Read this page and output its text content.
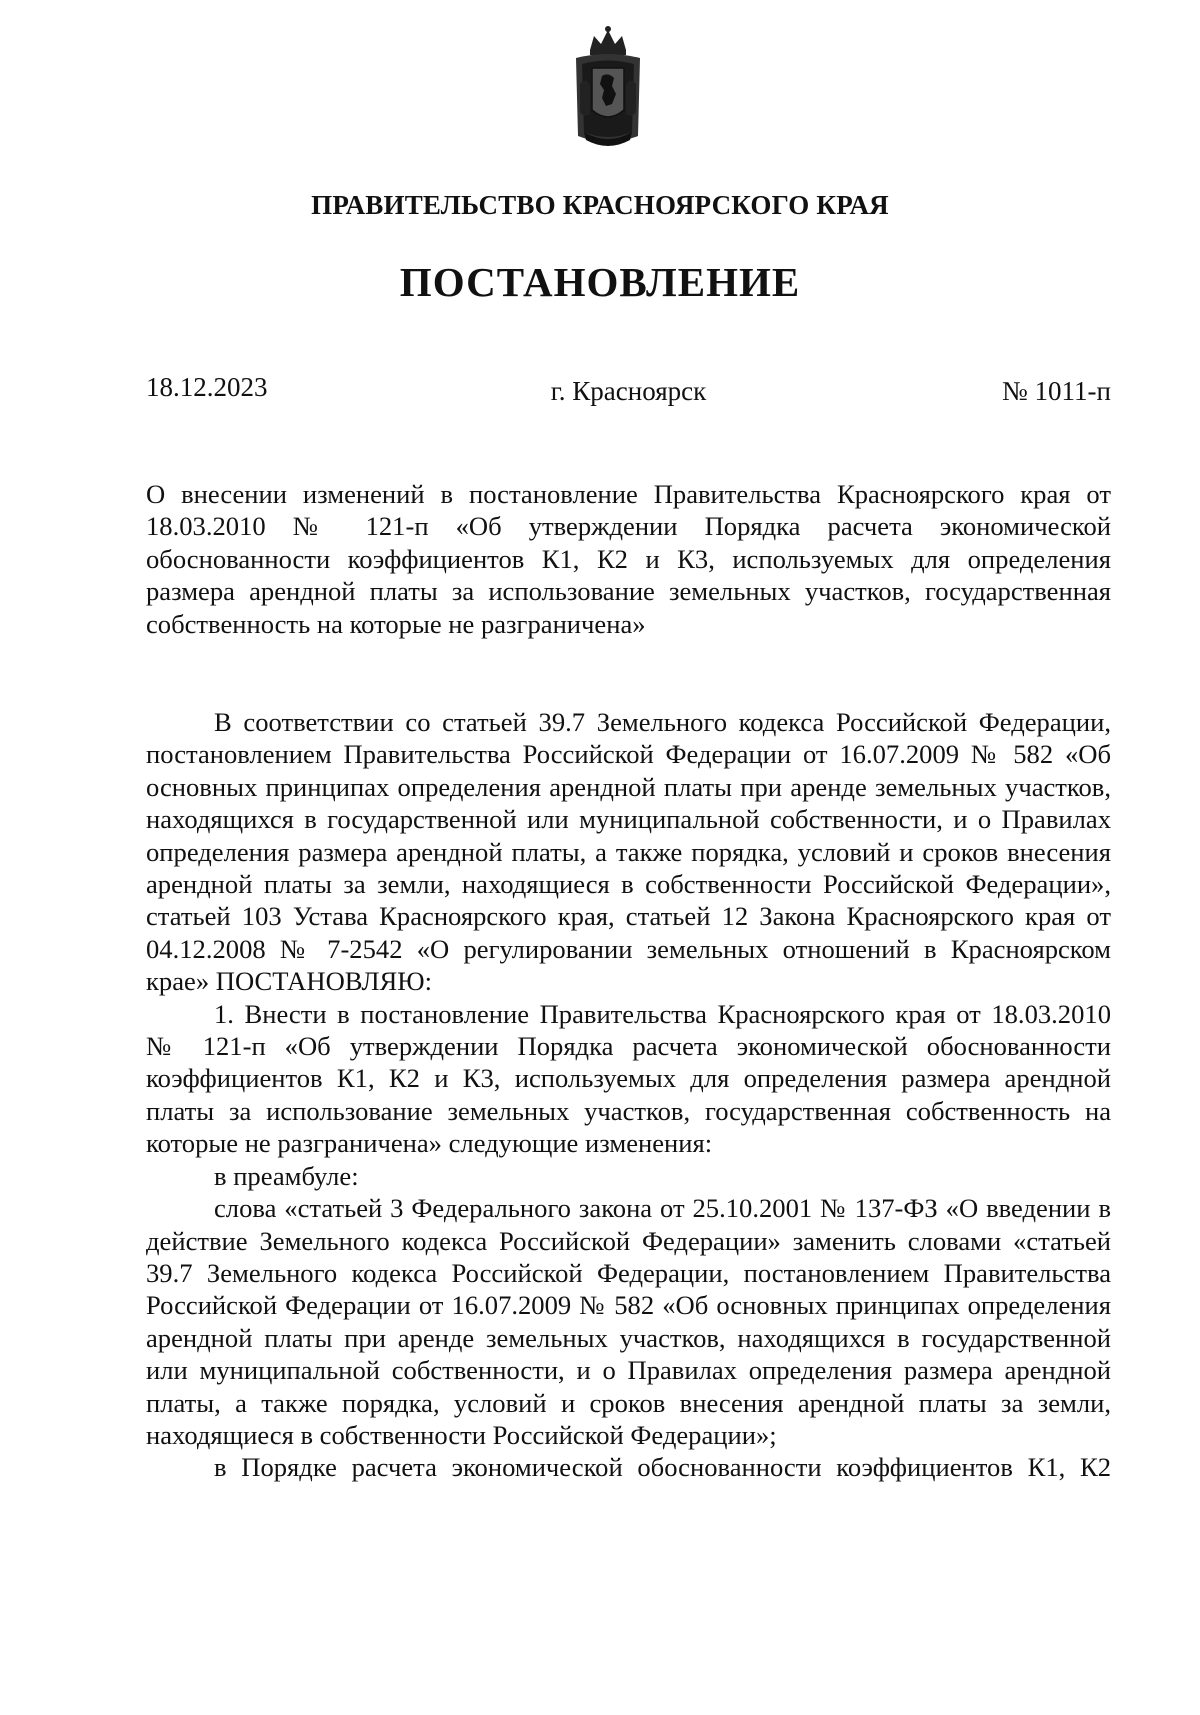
ПРАВИТЕЛЬСТВО КРАСНОЯРСКОГО КРАЯ
ПОСТАНОВЛЕНИЕ
18.12.2023	г. Красноярск	№ 1011-п

О внесении изменений в постановление Правительства Красноярского края от 18.03.2010 № 121-п «Об утверждении Порядка расчета экономической обоснованности коэффициентов К1, К2 и К3, используемых для определения размера арендной платы за использование земельных участков, государственная собственность на которые не разграничена»

В соответствии со статьей 39.7 Земельного кодекса Российской Федерации, постановлением Правительства Российской Федерации от 16.07.2009 № 582 «Об основных принципах определения арендной платы при аренде земельных участков, находящихся в государственной или муниципальной собственности, и о Правилах определения размера арендной платы, а также порядка, условий и сроков внесения арендной платы за земли, находящиеся в собственности Российской Федерации», статьей 103 Устава Красноярского края, статьей 12 Закона Красноярского края от 04.12.2008 № 7-2542 «О регулировании земельных отношений в Красноярском крае» ПОСТАНОВЛЯЮ:

1. Внести в постановление Правительства Красноярского края от 18.03.2010 № 121-п «Об утверждении Порядка расчета экономической обоснованности коэффициентов К1, К2 и К3, используемых для определения размера арендной платы за использование земельных участков, государственная собственность на которые не разграничена» следующие изменения:

в преамбуле:

слова «статьей 3 Федерального закона от 25.10.2001 № 137-ФЗ «О введении в действие Земельного кодекса Российской Федерации» заменить словами «статьей 39.7 Земельного кодекса Российской Федерации, постановлением Правительства Российской Федерации от 16.07.2009 № 582 «Об основных принципах определения арендной платы при аренде земельных участков, находящихся в государственной или муниципальной собственности, и о Правилах определения размера арендной платы, а также порядка, условий и сроков внесения арендной платы за земли, находящиеся в собственности Российской Федерации»;

в Порядке расчета экономической обоснованности коэффициентов К1, К2
